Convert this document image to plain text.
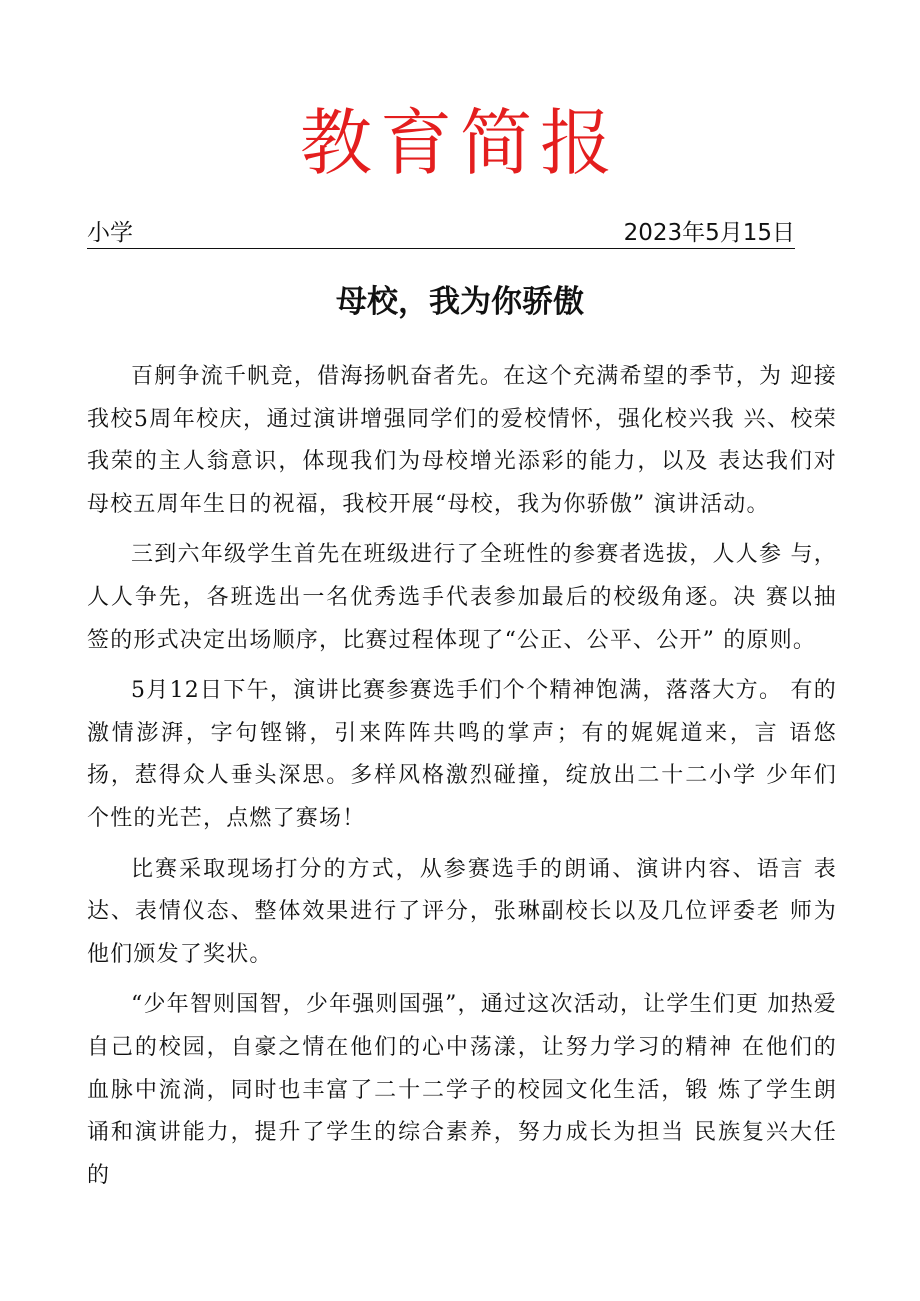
教育简报
小学	2023年5月15日
母校，我为你骄傲

百舸争流千帆竞，借海扬帆奋者先。在这个充满希望的季节，为 迎接我校5周年校庆，通过演讲增强同学们的爱校情怀，强化校兴我 兴、校荣我荣的主人翁意识，体现我们为母校增光添彩的能力，以及 表达我们对母校五周年生日的祝福，我校开展“母校，我为你骄傲” 演讲活动。

三到六年级学生首先在班级进行了全班性的参赛者选拔，人人参 与，人人争先，各班选出一名优秀选手代表参加最后的校级角逐。决 赛以抽签的形式决定出场顺序，比赛过程体现了“公正、公平、公开” 的原则。

5月12日下午，演讲比赛参赛选手们个个精神饱满，落落大方。 有的激情澎湃，字句铿锵，引来阵阵共鸣的掌声；有的娓娓道来，言 语悠扬，惹得众人垂头深思。多样风格激烈碰撞，绽放出二十二小学 少年们个性的光芒，点燃了赛场！

比赛采取现场打分的方式，从参赛选手的朗诵、演讲内容、语言 表达、表情仪态、整体效果进行了评分，张琳副校长以及几位评委老 师为他们颁发了奖状。

“少年智则国智，少年强则国强”，通过这次活动，让学生们更 加热爱自己的校园，自豪之情在他们的心中荡漾，让努力学习的精神 在他们的血脉中流淌，同时也丰富了二十二学子的校园文化生活，锻 炼了学生朗诵和演讲能力，提升了学生的综合素养，努力成长为担当 民族复兴大任的
